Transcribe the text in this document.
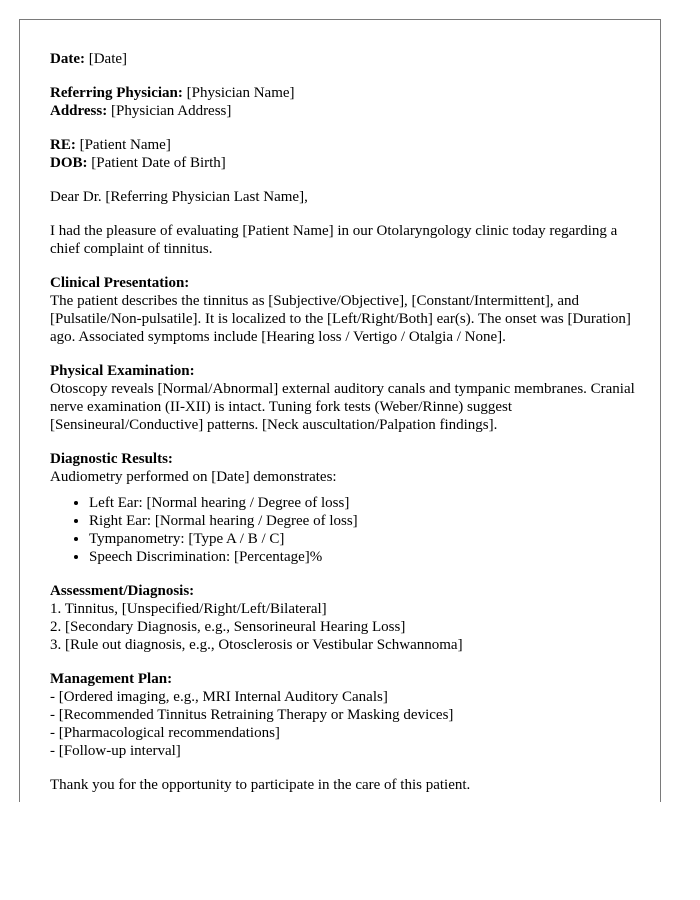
Date: [Date]

Referring Physician: [Physician Name]

Address: [Physician Address]

RE: [Patient Name]

DOB: [Patient Date of Birth]

Dear Dr. [Referring Physician Last Name],

I had the pleasure of evaluating [Patient Name] in our Otolaryngology clinic today regarding a chief complaint of tinnitus.

Clinical Presentation:

The patient describes the tinnitus as [Subjective/Objective], [Constant/Intermittent], and [Pulsatile/Non-pulsatile]. It is localized to the [Left/Right/Both] ear(s). The onset was [Duration] ago. Associated symptoms include [Hearing loss / Vertigo / Otalgia / None].

Physical Examination:

Otoscopy reveals [Normal/Abnormal] external auditory canals and tympanic membranes. Cranial nerve examination (II-XII) is intact. Tuning fork tests (Weber/Rinne) suggest [Sensineural/Conductive] patterns. [Neck auscultation/Palpation findings].

Diagnostic Results:

Audiometry performed on [Date] demonstrates:

• Left Ear: [Normal hearing / Degree of loss]
• Right Ear: [Normal hearing / Degree of loss]
• Tympanometry: [Type A / B / C]
• Speech Discrimination: [Percentage]%

Assessment/Diagnosis:

1. Tinnitus, [Unspecified/Right/Left/Bilateral]
2. [Secondary Diagnosis, e.g., Sensorineural Hearing Loss]
3. [Rule out diagnosis, e.g., Otosclerosis or Vestibular Schwannoma]

Management Plan:

- [Ordered imaging, e.g., MRI Internal Auditory Canals]
- [Recommended Tinnitus Retraining Therapy or Masking devices]
- [Pharmacological recommendations]
- [Follow-up interval]

Thank you for the opportunity to participate in the care of this patient.
